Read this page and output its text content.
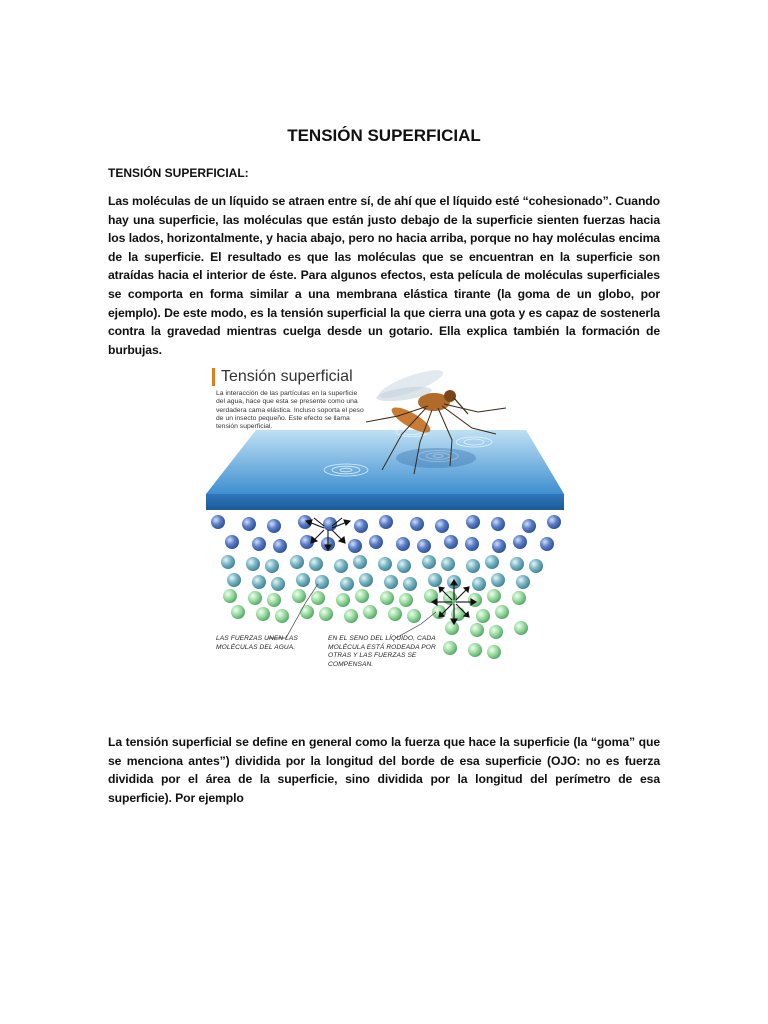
TENSIÓN SUPERFICIAL
TENSIÓN SUPERFICIAL:

Las moléculas de un líquido se atraen entre sí, de ahí que el líquido esté “cohesionado”. Cuando hay una superficie, las moléculas que están justo debajo de la superficie sienten fuerzas hacia los lados, horizontalmente, y hacia abajo, pero no hacia arriba, porque no hay moléculas encima de la superficie. El resultado es que las moléculas que se encuentran en la superficie son atraídas hacia el interior de éste. Para algunos efectos, esta película de moléculas superficiales se comporta en forma similar a una membrana elástica tirante (la goma de un globo, por ejemplo). De este modo, es la tensión superficial la que cierra una gota y es capaz de sostenerla contra la gravedad mientras cuelga desde un gotario. Ella explica también la formación de burbujas.

Tensión superficial
La interacción de las partículas en la superficie del agua, hace que esta se presente como una verdadera cama elástica. Incluso soporta el peso de un insecto pequeño. Este efecto se llama tensión superficial.
LAS FUERZAS UNEN LAS MOLÉCULAS DEL AGUA.
EN EL SENO DEL LÍQUIDO, CADA MOLÉCULA ESTÁ RODEADA POR OTRAS Y LAS FUERZAS SE COMPENSAN.

La tensión superficial se define en general como la fuerza que hace la superficie (la “goma” que se menciona antes”) dividida por la longitud del borde de esa superficie (OJO: no es fuerza dividida por el área de la superficie, sino dividida por la longitud del perímetro de esa superficie). Por ejemplo
